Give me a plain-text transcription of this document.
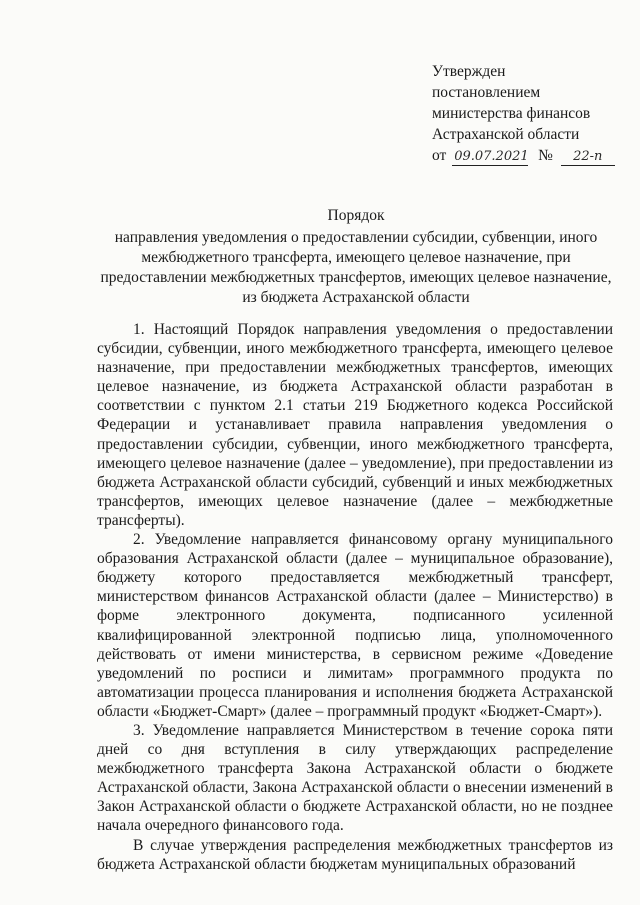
Утвержден
постановлением
министерства финансов
Астраханской области
от 09.07.2021 № 22-п
Порядок
направления уведомления о предоставлении субсидии, субвенции, иного межбюджетного трансферта, имеющего целевое назначение, при предоставлении межбюджетных трансфертов, имеющих целевое назначение, из бюджета Астраханской области

1. Настоящий Порядок направления уведомления о предоставлении субсидии, субвенции, иного межбюджетного трансферта, имеющего целевое назначение, при предоставлении межбюджетных трансфертов, имеющих целевое назначение, из бюджета Астраханской области разработан в соответствии с пунктом 2.1 статьи 219 Бюджетного кодекса Российской Федерации и устанавливает правила направления уведомления о предоставлении субсидии, субвенции, иного межбюджетного трансферта, имеющего целевое назначение (далее – уведомление), при предоставлении из бюджета Астраханской области субсидий, субвенций и иных межбюджетных трансфертов, имеющих целевое назначение (далее – межбюджетные трансферты).

2. Уведомление направляется финансовому органу муниципального образования Астраханской области (далее – муниципальное образование), бюджету которого предоставляется межбюджетный трансферт, министерством финансов Астраханской области (далее – Министерство) в форме электронного документа, подписанного усиленной квалифицированной электронной подписью лица, уполномоченного действовать от имени министерства, в сервисном режиме «Доведение уведомлений по росписи и лимитам» программного продукта по автоматизации процесса планирования и исполнения бюджета Астраханской области «Бюджет-Смарт» (далее – программный продукт «Бюджет-Смарт»).

3. Уведомление направляется Министерством в течение сорока пяти дней со дня вступления в силу утверждающих распределение межбюджетного трансферта Закона Астраханской области о бюджете Астраханской области, Закона Астраханской области о внесении изменений в Закон Астраханской области о бюджете Астраханской области, но не позднее начала очередного финансового года.

В случае утверждения распределения межбюджетных трансфертов из бюджета Астраханской области бюджетам муниципальных образований
